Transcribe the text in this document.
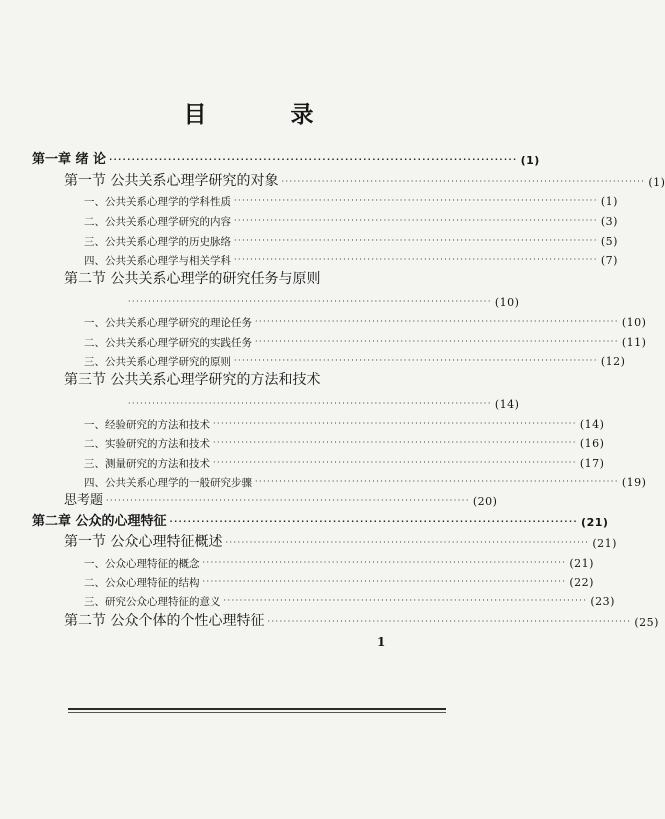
目 录
第一章 绪 论 ·························································································· (1)
第一节 公共关系心理学研究的对象 ·························································································· (1)
一、公共关系心理学的学科性质 ·························································································· (1)
二、公共关系心理学研究的内容 ·························································································· (3)
三、公共关系心理学的历史脉络 ·························································································· (5)
四、公共关系心理学与相关学科 ·························································································· (7)
第二节 公共关系心理学的研究任务与原则
·························································································· (10)
一、公共关系心理学研究的理论任务 ·························································································· (10)
二、公共关系心理学研究的实践任务 ·························································································· (11)
三、公共关系心理学研究的原则 ·························································································· (12)
第三节 公共关系心理学研究的方法和技术
·························································································· (14)
一、经验研究的方法和技术 ·························································································· (14)
二、实验研究的方法和技术 ·························································································· (16)
三、测量研究的方法和技术 ·························································································· (17)
四、公共关系心理学的一般研究步骤 ·························································································· (19)
思考题 ·························································································· (20)
第二章 公众的心理特征 ·························································································· (21)
第一节 公众心理特征概述 ·························································································· (21)
一、公众心理特征的概念 ·························································································· (21)
二、公众心理特征的结构 ·························································································· (22)
三、研究公众心理特征的意义 ·························································································· (23)
第二节 公众个体的个性心理特征 ·························································································· (25)
1
